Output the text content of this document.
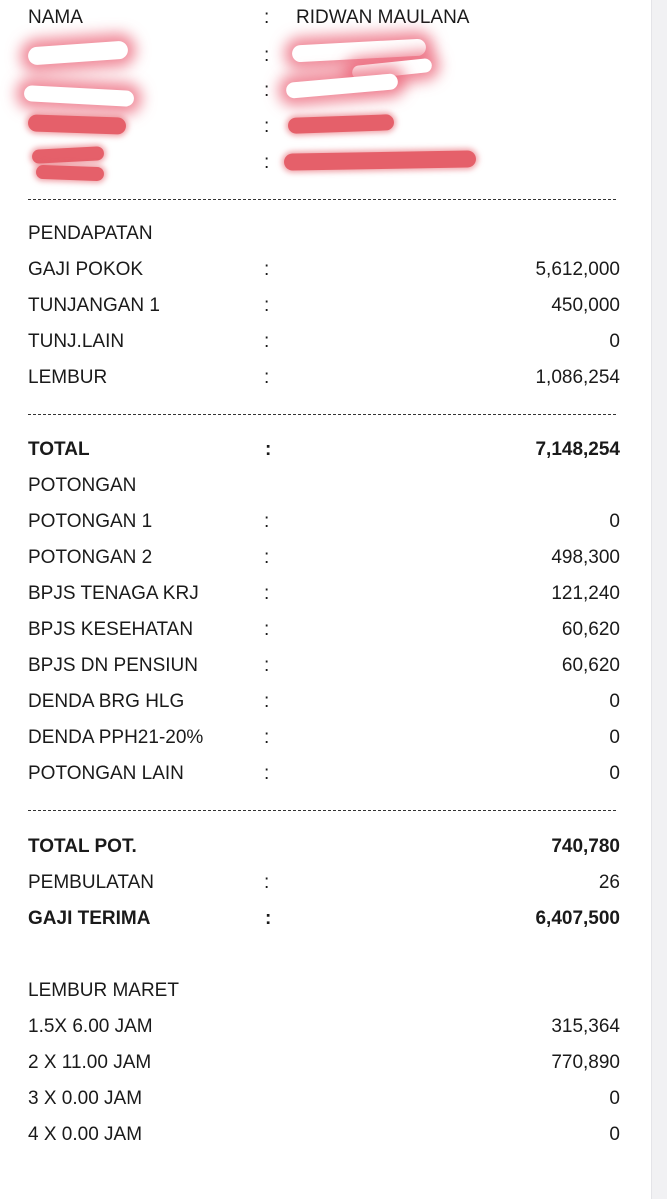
NAMA	: RIDWAN MAULANA
:
:
:
:
PENDAPATAN
GAJI POKOK	:	5,612,000
TUNJANGAN 1	:	450,000
TUNJ.LAIN	:	0
LEMBUR	:	1,086,254
TOTAL	:	7,148,254
POTONGAN
POTONGAN 1	:	0
POTONGAN 2	:	498,300
BPJS TENAGA KRJ	:	121,240
BPJS KESEHATAN	:	60,620
BPJS DN PENSIUN	:	60,620
DENDA BRG HLG	:	0
DENDA PPH21-20%	:	0
POTONGAN LAIN	:	0
TOTAL POT.	740,780
PEMBULATAN	:	26
GAJI TERIMA	:	6,407,500
LEMBUR MARET
1.5X 6.00 JAM	315,364
2 X 11.00 JAM	770,890
3 X 0.00 JAM	0
4 X 0.00 JAM	0
